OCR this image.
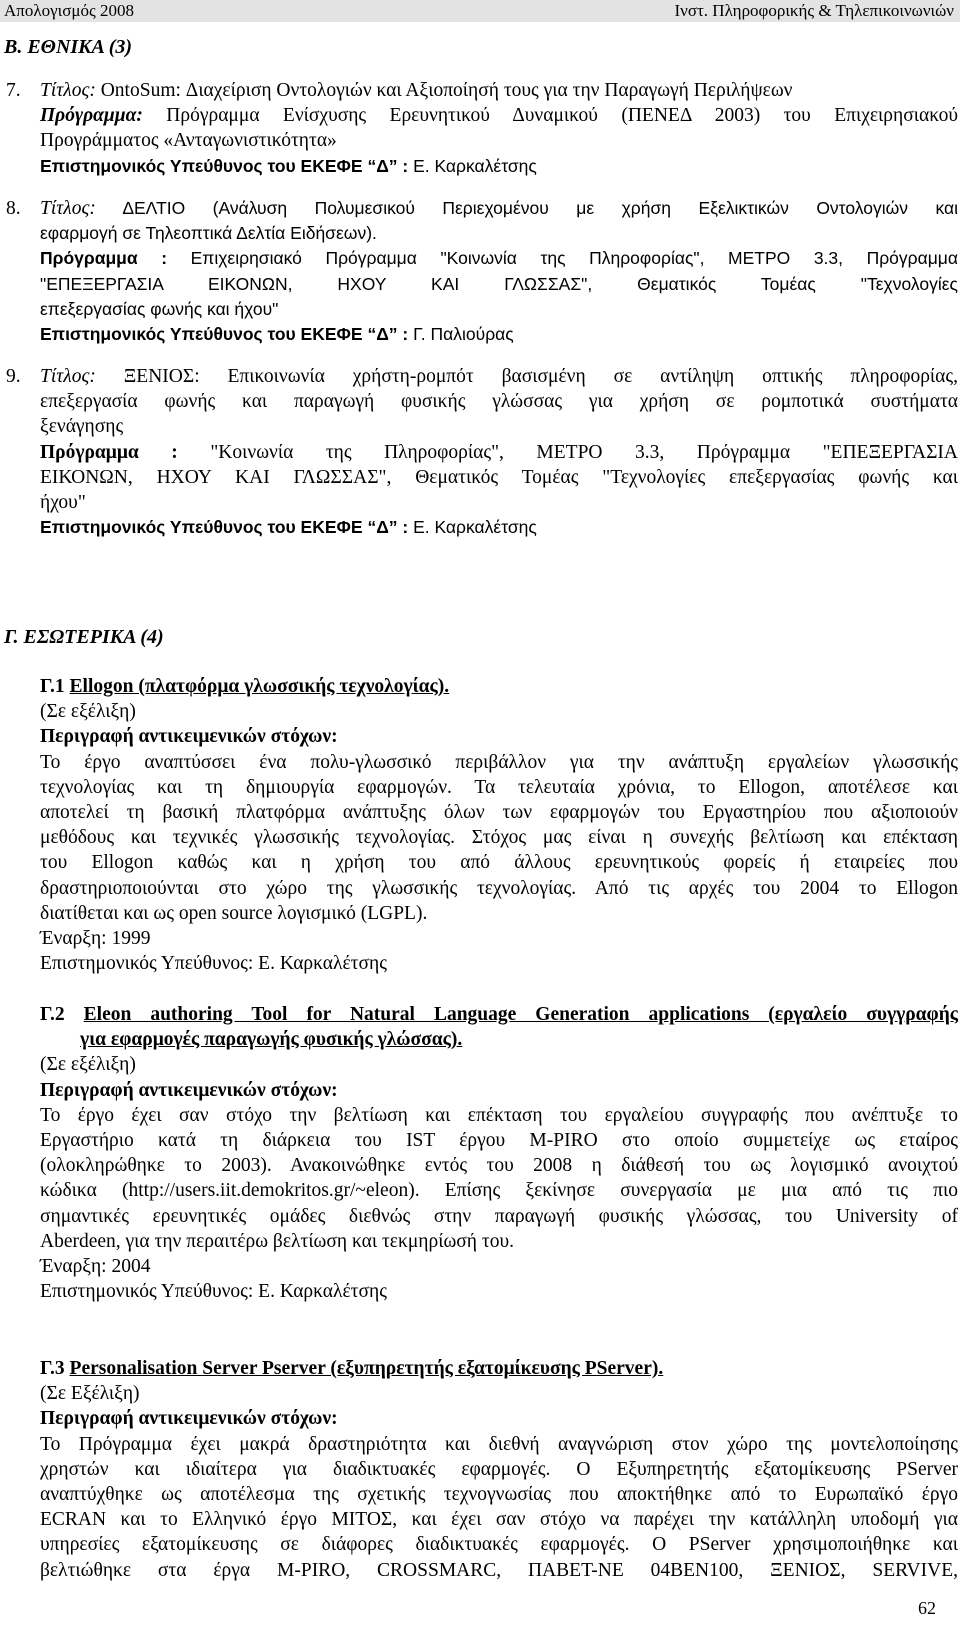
Απολογισμός 2008	Ινστ. Πληροφορικής & Τηλεπικοινωνιών
Β. ΕΘΝΙΚΑ (3)
7. Τίτλος: OntoSum: Διαχείριση Οντολογιών και Αξιοποίησή τους για την Παραγωγή Περιλήψεων
Πρόγραμμα: Πρόγραμμα Ενίσχυσης Ερευνητικού Δυναμικού (ΠΕΝΕΔ 2003) του Επιχειρησιακού
Προγράμματος «Ανταγωνιστικότητα»
Επιστημονικός Υπεύθυνος του ΕΚΕΦΕ “Δ” : Ε. Καρκαλέτσης
8. Τίτλος: ΔΕΛΤΙΟ (Ανάλυση Πολυμεσικού Περιεχομένου με χρήση Εξελικτικών Οντολογιών και
εφαρμογή σε Τηλεοπτικά Δελτία Ειδήσεων).
Πρόγραμμα : Επιχειρησιακό Πρόγραμμα "Κοινωνία της Πληροφορίας", ΜΕΤΡΟ 3.3, Πρόγραμμα
"ΕΠΕΞΕΡΓΑΣΙΑ ΕΙΚΟΝΩΝ, ΗΧΟΥ ΚΑΙ ΓΛΩΣΣΑΣ", Θεματικός Τομέας "Τεχνολογίες
επεξεργασίας φωνής και ήχου"
Επιστημονικός Υπεύθυνος του ΕΚΕΦΕ “Δ” : Γ. Παλιούρας
9. Τίτλος: ΞΕΝΙΟΣ: Επικοινωνία χρήστη-ρομπότ βασισμένη σε αντίληψη οπτικής πληροφορίας,
επεξεργασία φωνής και παραγωγή φυσικής γλώσσας για χρήση σε ρομποτικά συστήματα
ξενάγησης
Πρόγραμμα : "Κοινωνία της Πληροφορίας", ΜΕΤΡΟ 3.3, Πρόγραμμα "ΕΠΕΞΕΡΓΑΣΙΑ
ΕΙΚΟΝΩΝ, ΗΧΟΥ ΚΑΙ ΓΛΩΣΣΑΣ", Θεματικός Τομέας "Τεχνολογίες επεξεργασίας φωνής και
ήχου"
Επιστημονικός Υπεύθυνος του ΕΚΕΦΕ “Δ” : Ε. Καρκαλέτσης
Γ. ΕΣΩΤΕΡΙΚΑ (4)
Γ.1 Ellogon (πλατφόρμα γλωσσικής τεχνολογίας).
(Σε εξέλιξη)
Περιγραφή αντικειμενικών στόχων:
Το έργο αναπτύσσει ένα πολυ-γλωσσικό περιβάλλον για την ανάπτυξη εργαλείων γλωσσικής
τεχνολογίας και τη δημιουργία εφαρμογών. Τα τελευταία χρόνια, το Ellogon, αποτέλεσε και
αποτελεί τη βασική πλατφόρμα ανάπτυξης όλων των εφαρμογών του Εργαστηρίου που αξιοποιούν
μεθόδους και τεχνικές γλωσσικής τεχνολογίας. Στόχος μας είναι η συνεχής βελτίωση και επέκταση
του Ellogon καθώς και η χρήση του από άλλους ερευνητικούς φορείς ή εταιρείες που
δραστηριοποιούνται στο χώρο της γλωσσικής τεχνολογίας. Από τις αρχές του 2004 το Ellogon
διατίθεται και ως open source λογισμικό (LGPL).
Έναρξη: 1999
Επιστημονικός Υπεύθυνος: Ε. Καρκαλέτσης
Γ.2 Eleon authoring Tool for Natural Language Generation applications (εργαλείο συγγραφής
για εφαρμογές παραγωγής φυσικής γλώσσας).
(Σε εξέλιξη)
Περιγραφή αντικειμενικών στόχων:
Το έργο έχει σαν στόχο την βελτίωση και επέκταση του εργαλείου συγγραφής που ανέπτυξε το
Εργαστήριο κατά τη διάρκεια του IST έργου M-PIRO στο οποίο συμμετείχε ως εταίρος
(ολοκληρώθηκε το 2003). Ανακοινώθηκε εντός του 2008 η διάθεσή του ως λογισμικό ανοιχτού
κώδικα (http://users.iit.demokritos.gr/~eleon). Επίσης ξεκίνησε συνεργασία με μια από τις πιο
σημαντικές ερευνητικές ομάδες διεθνώς στην παραγωγή φυσικής γλώσσας, του University of
Aberdeen, για την περαιτέρω βελτίωση και τεκμηρίωσή του.
Έναρξη: 2004
Επιστημονικός Υπεύθυνος: Ε. Καρκαλέτσης
Γ.3 Personalisation Server Pserver (εξυπηρετητής εξατομίκευσης PServer).
(Σε Εξέλιξη)
Περιγραφή αντικειμενικών στόχων:
Το Πρόγραμμα έχει μακρά δραστηριότητα και διεθνή αναγνώριση στον χώρο της μοντελοποίησης
χρηστών και ιδιαίτερα για διαδικτυακές εφαρμογές. Ο Εξυπηρετητής εξατομίκευσης PServer
αναπτύχθηκε ως αποτέλεσμα της σχετικής τεχνογνωσίας που αποκτήθηκε από το Ευρωπαϊκό έργο
ECRAN και το Ελληνικό έργο ΜΙΤΟΣ, και έχει σαν στόχο να παρέχει την κατάλληλη υποδομή για
υπηρεσίες εξατομίκευσης σε διάφορες διαδικτυακές εφαρμογές. Ο PServer χρησιμοποιήθηκε και
βελτιώθηκε στα έργα M-PIRO, CROSSMARC, ΠΑΒΕΤ-ΝΕ 04ΒΕΝ100, ΞΕΝΙΟΣ, SERVIVE,
62
